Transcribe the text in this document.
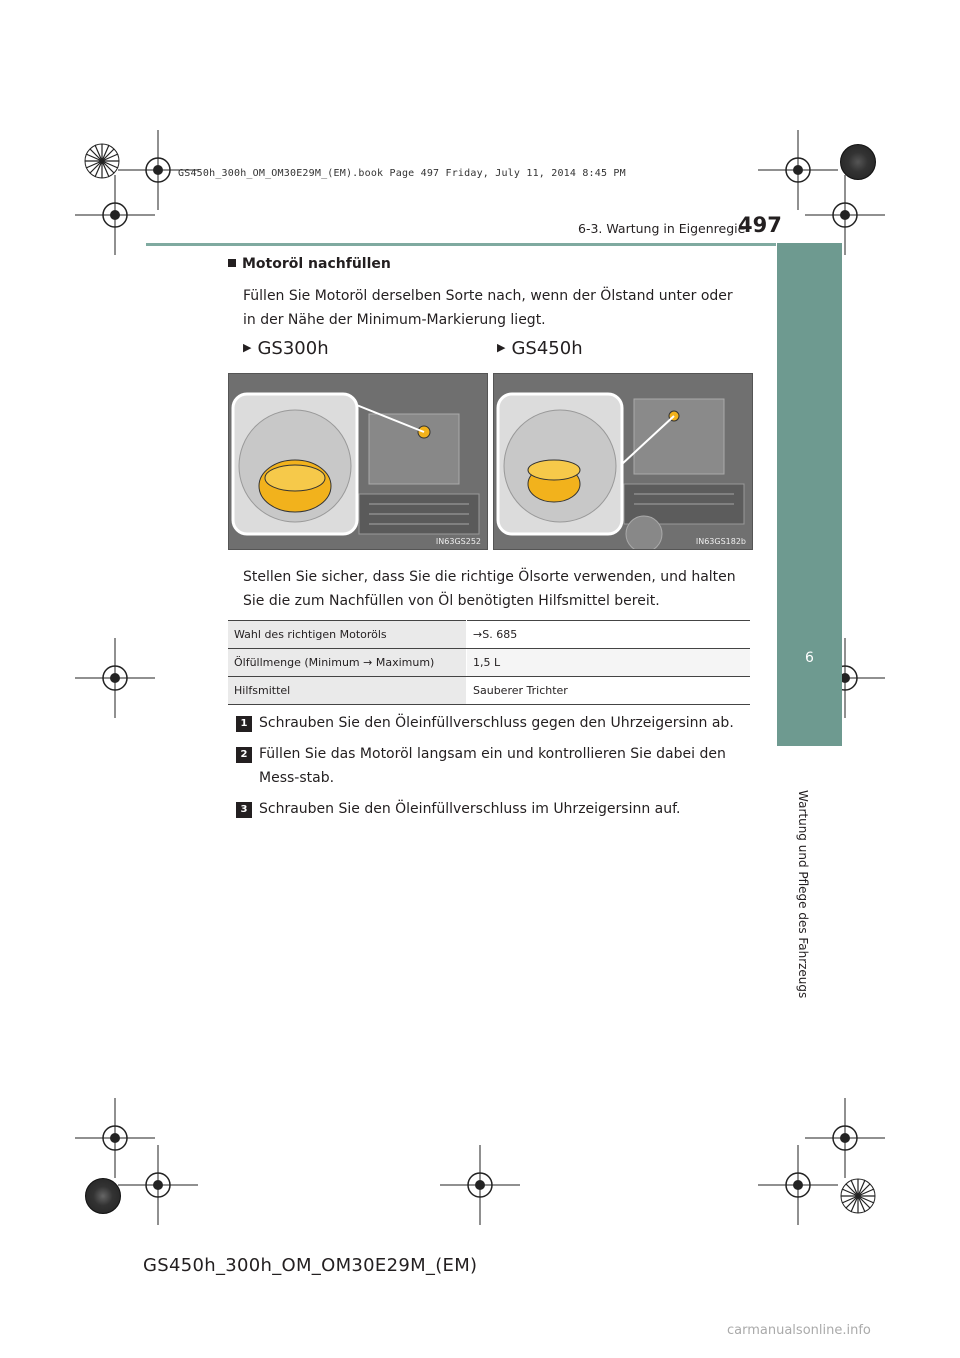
GS450h_300h_OM_OM30E29M_(EM).book Page 497 Friday, July 11, 2014 8:45 PM
6-3. Wartung in Eigenregie
497
6
Wartung und Pflege des Fahrzeugs
Motoröl nachfüllen
Füllen Sie Motoröl derselben Sorte nach, wenn der Ölstand unter oder in der Nähe der Minimum-Markierung liegt.
▶ GS300h	▶ GS450h
IN63GS252	IN63GS182b
Stellen Sie sicher, dass Sie die richtige Ölsorte verwenden, und halten Sie die zum Nachfüllen von Öl benötigten Hilfsmittel bereit.
Wahl des richtigen Motoröls	→S. 685
Ölfüllmenge (Minimum → Maximum)	1,5 L
Hilfsmittel	Sauberer Trichter
1 Schrauben Sie den Öleinfüllverschluss gegen den Uhrzeigersinn ab.
2 Füllen Sie das Motoröl langsam ein und kontrollieren Sie dabei den Mess-stab.
3 Schrauben Sie den Öleinfüllverschluss im Uhrzeigersinn auf.
GS450h_300h_OM_OM30E29M_(EM)
carmanualsonline.info
